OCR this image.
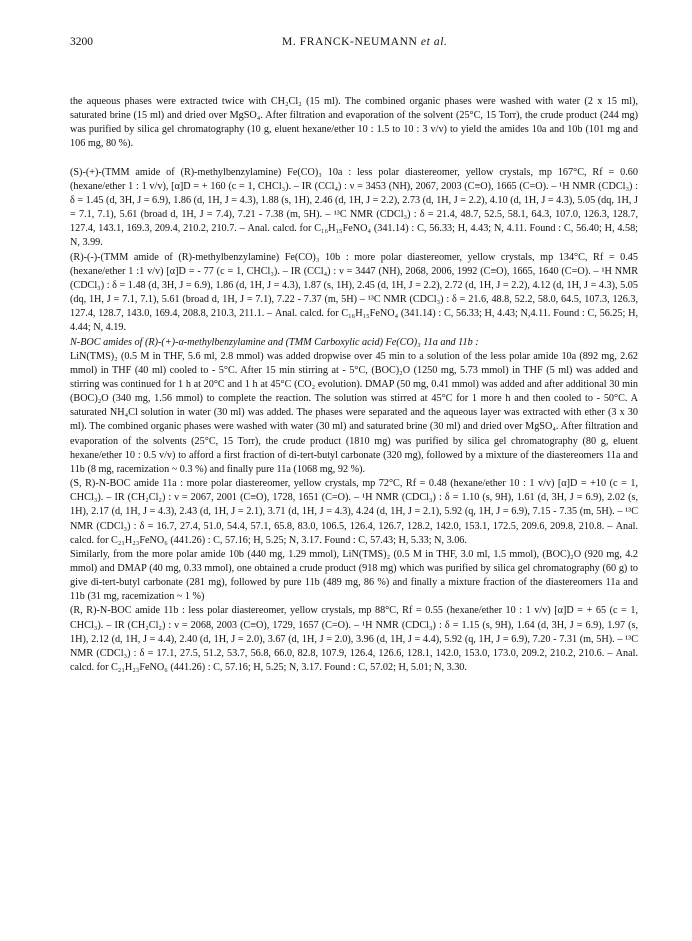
3200	M. FRANCK-NEUMANN et al.

the aqueous phases were extracted twice with CH₂Cl₂ (15 ml). The combined organic phases were washed with water (2 x 15 ml), saturated brine (15 ml) and dried over MgSO₄. After filtration and evaporation of the solvent (25°C, 15 Torr), the crude product (244 mg) was purified by silica gel chromatography (10 g, eluent hexane/ether 10 : 1.5 to 10 : 3 v/v) to yield the amides 10a and 10b (101 mg and 106 mg, 80 %).

(S)-(+)-(TMM amide of (R)-methylbenzylamine) Fe(CO)₃ 10a : less polar diastereomer, yellow crystals, mp 167°C, Rf = 0.60 (hexane/ether 1 : 1 v/v), [α]D = + 160 (c = 1, CHCl₃). – IR (CCl₄) : ν = 3453 (NH), 2067, 2003 (C≡O), 1665 (C=O). – ¹H NMR (CDCl₃) : δ = 1.45 (d, 3H, J = 6.9), 1.86 (d, 1H, J = 4.3), 1.88 (s, 1H), 2.46 (d, 1H, J = 2.2), 2.73 (d, 1H, J = 2.2), 4.10 (d, 1H, J = 4.3), 5.05 (dq, 1H, J = 7.1, 7.1), 5.61 (broad d, 1H, J = 7.4), 7.21 - 7.38 (m, 5H). – ¹³C NMR (CDCl₃) : δ = 21.4, 48.7, 52.5, 58.1, 64.3, 107.0, 126.3, 128.7, 127.4, 143.1, 169.3, 209.4, 210.2, 210.7. – Anal. calcd. for C₁₆H₁₅FeNO₄ (341.14) : C, 56.33; H, 4.43; N, 4.11. Found : C, 56.40; H, 4.58; N, 3.99.

(R)-(-)-(TMM amide of (R)-methylbenzylamine) Fe(CO)₃ 10b : more polar diastereomer, yellow crystals, mp 134°C, Rf = 0.45 (hexane/ether 1 :1 v/v) [α]D = - 77 (c = 1, CHCl₃). – IR (CCl₄) : ν = 3447 (NH), 2068, 2006, 1992 (C≡O), 1665, 1640 (C=O). – ¹H NMR (CDCl₃) : δ = 1.48 (d, 3H, J = 6.9), 1.86 (d, 1H, J = 4.3), 1.87 (s, 1H), 2.45 (d, 1H, J = 2.2), 2.72 (d, 1H, J = 2.2), 4.12 (d, 1H, J = 4.3), 5.05 (dq, 1H, J = 7.1, 7.1), 5.61 (broad d, 1H, J = 7.1), 7.22 - 7.37 (m, 5H) – ¹³C NMR (CDCl₃) : δ = 21.6, 48.8, 52.2, 58.0, 64.5, 107.3, 126.3, 127.4, 128.7, 143.0, 169.4, 208.8, 210.3, 211.1. – Anal. calcd. for C₁₆H₁₅FeNO₄ (341.14) : C, 56.33; H, 4.43; N,4.11. Found : C, 56.25; H, 4.44; N, 4.19.

N-BOC amides of (R)-(+)-α-methylbenzylamine and (TMM Carboxylic acid) Fe(CO)₃ 11a and 11b :

LiN(TMS)₂ (0.5 M in THF, 5.6 ml, 2.8 mmol) was added dropwise over 45 min to a solution of the less polar amide 10a (892 mg, 2.62 mmol) in THF (40 ml) cooled to - 5°C. After 15 min stirring at - 5°C, (BOC)₂O (1250 mg, 5.73 mmol) in THF (5 ml) was added and stirring was continued for 1 h at 20°C and 1 h at 45°C (CO₂ evolution). DMAP (50 mg, 0.41 mmol) was added and after additional 30 min (BOC)₂O (340 mg, 1.56 mmol) to complete the reaction. The solution was stirred at 45°C for 1 more h and then cooled to - 50°C. A saturated NH₄Cl solution in water (30 ml) was added. The phases were separated and the aqueous layer was extracted with ether (3 x 30 ml). The combined organic phases were washed with water (30 ml) and saturated brine (30 ml) and dried over MgSO₄. After filtration and evaporation of the solvents (25°C, 15 Torr), the crude product (1810 mg) was purified by silica gel chromatography (80 g, eluent hexane/ether 10 : 0.5 v/v) to afford a first fraction of di-tert-butyl carbonate (320 mg), followed by a mixture of the diastereomers 11a and 11b (8 mg, racemization ~ 0.3 %) and finally pure 11a (1068 mg, 92 %).

(S, R)-N-BOC amide 11a : more polar diastereomer, yellow crystals, mp 72°C, Rf = 0.48 (hexane/ether 10 : 1 v/v) [α]D = +10 (c = 1, CHCl₃). – IR (CH₂Cl₂) : ν = 2067, 2001 (C≡O), 1728, 1651 (C=O). – ¹H NMR (CDCl₃) : δ = 1.10 (s, 9H), 1.61 (d, 3H, J = 6.9), 2.02 (s, 1H), 2.17 (d, 1H, J = 4.3), 2.43 (d, 1H, J = 2.1), 3.71 (d, 1H, J = 4.3), 4.24 (d, 1H, J = 2.1), 5.92 (q, 1H, J = 6.9), 7.15 - 7.35 (m, 5H). – ¹³C NMR (CDCl₃) : δ = 16.7, 27.4, 51.0, 54.4, 57.1, 65.8, 83.0, 106.5, 126.4, 126.7, 128.2, 142.0, 153.1, 172.5, 209.6, 209.8, 210.8. – Anal. calcd. for C₂₁H₂₃FeNO₆ (441.26) : C, 57.16; H, 5.25; N, 3.17. Found : C, 57.43; H, 5.33; N, 3.06.

Similarly, from the more polar amide 10b (440 mg, 1.29 mmol), LiN(TMS)₂ (0.5 M in THF, 3.0 ml, 1.5 mmol), (BOC)₂O (920 mg, 4.2 mmol) and DMAP (40 mg, 0.33 mmol), one obtained a crude product (918 mg) which was purified by silica gel chromatography (60 g) to give di-tert-butyl carbonate (281 mg), followed by pure 11b (489 mg, 86 %) and finally a mixture fraction of the diastereomers 11a and 11b (31 mg, racemization ~ 1 %)

(R, R)-N-BOC amide 11b : less polar diastereomer, yellow crystals, mp 88°C, Rf = 0.55 (hexane/ether 10 : 1 v/v) [α]D = + 65 (c = 1, CHCl₃). – IR (CH₂Cl₂) : ν = 2068, 2003 (C≡O), 1729, 1657 (C=O). – ¹H NMR (CDCl₃) : δ = 1.15 (s, 9H), 1.64 (d, 3H, J = 6.9), 1.97 (s, 1H), 2.12 (d, 1H, J = 4.4), 2.40 (d, 1H, J = 2.0), 3.67 (d, 1H, J = 2.0), 3.96 (d, 1H, J = 4.4), 5.92 (q, 1H, J = 6.9), 7.20 - 7.31 (m, 5H). – ¹³C NMR (CDCl₃) : δ = 17.1, 27.5, 51.2, 53.7, 56.8, 66.0, 82.8, 107.9, 126.4, 126.6, 128.1, 142.0, 153.0, 173.0, 209.2, 210.2, 210.6. – Anal. calcd. for C₂₁H₂₃FeNO₆ (441.26) : C, 57.16; H, 5.25; N, 3.17. Found : C, 57.02; H, 5.01; N, 3.30.
